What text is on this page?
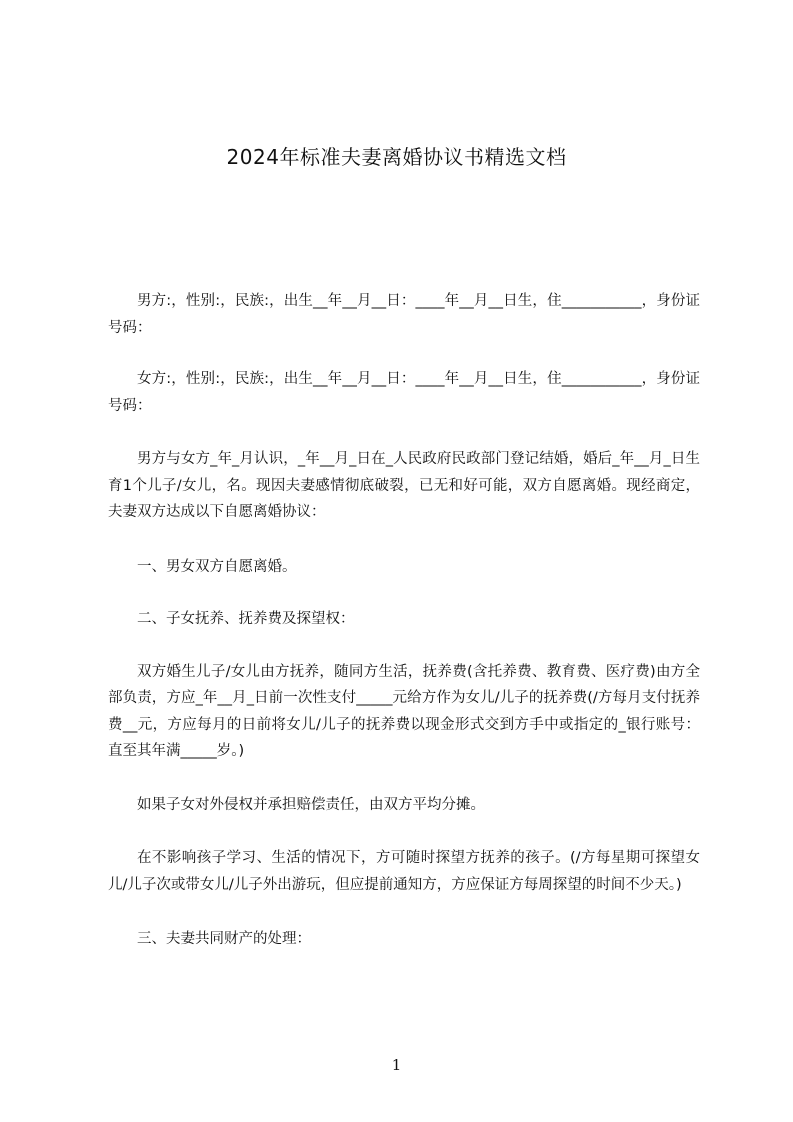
2024年标准夫妻离婚协议书精选文档

男方:，性别:，民族:，出生__年__月__日：____年__月__日生，住___________，身份证号码：

女方:，性别:，民族:，出生__年__月__日：____年__月__日生，住___________，身份证号码：

男方与女方_年_月认识，_年__月_日在_人民政府民政部门登记结婚，婚后_年__月_日生育1个儿子/女儿，名。现因夫妻感情彻底破裂，已无和好可能，双方自愿离婚。现经商定，夫妻双方达成以下自愿离婚协议：

一、男女双方自愿离婚。

二、子女抚养、抚养费及探望权：

双方婚生儿子/女儿由方抚养，随同方生活，抚养费(含托养费、教育费、医疗费)由方全部负责，方应_年__月_日前一次性支付_____元给方作为女儿/儿子的抚养费(/方每月支付抚养费__元，方应每月的日前将女儿/儿子的抚养费以现金形式交到方手中或指定的_银行账号：直至其年满_____岁。)

如果子女对外侵权并承担赔偿责任，由双方平均分摊。

在不影响孩子学习、生活的情况下，方可随时探望方抚养的孩子。(/方每星期可探望女儿/儿子次或带女儿/儿子外出游玩，但应提前通知方，方应保证方每周探望的时间不少天。)

三、夫妻共同财产的处理：

1
